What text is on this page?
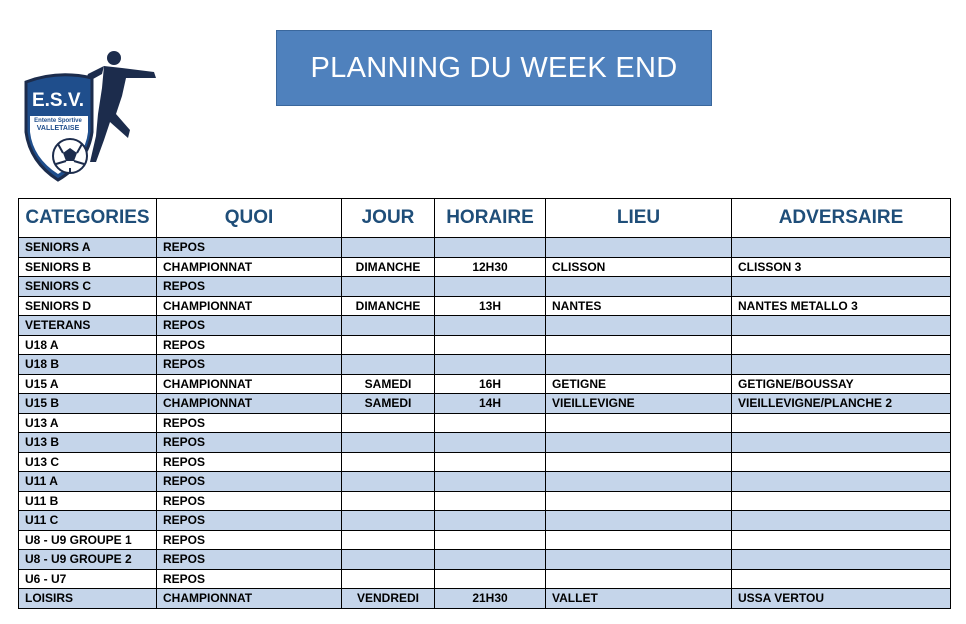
E.S.V.
Entente Sportive
VALLETAISE
PLANNING DU WEEK END
CATEGORIES	QUOI	JOUR	HORAIRE	LIEU	ADVERSAIRE
SENIORS A	REPOS				
SENIORS B	CHAMPIONNAT	DIMANCHE	12H30	CLISSON	CLISSON 3
SENIORS C	REPOS				
SENIORS D	CHAMPIONNAT	DIMANCHE	13H	NANTES	NANTES METALLO 3
VETERANS	REPOS				
U18 A	REPOS				
U18 B	REPOS				
U15 A	CHAMPIONNAT	SAMEDI	16H	GETIGNE	GETIGNE/BOUSSAY
U15 B	CHAMPIONNAT	SAMEDI	14H	VIEILLEVIGNE	VIEILLEVIGNE/PLANCHE 2
U13 A	REPOS				
U13 B	REPOS				
U13 C	REPOS				
U11 A	REPOS				
U11 B	REPOS				
U11 C	REPOS				
U8 - U9 GROUPE 1	REPOS				
U8 - U9 GROUPE 2	REPOS				
U6 - U7	REPOS				
LOISIRS	CHAMPIONNAT	VENDREDI	21H30	VALLET	USSA VERTOU
